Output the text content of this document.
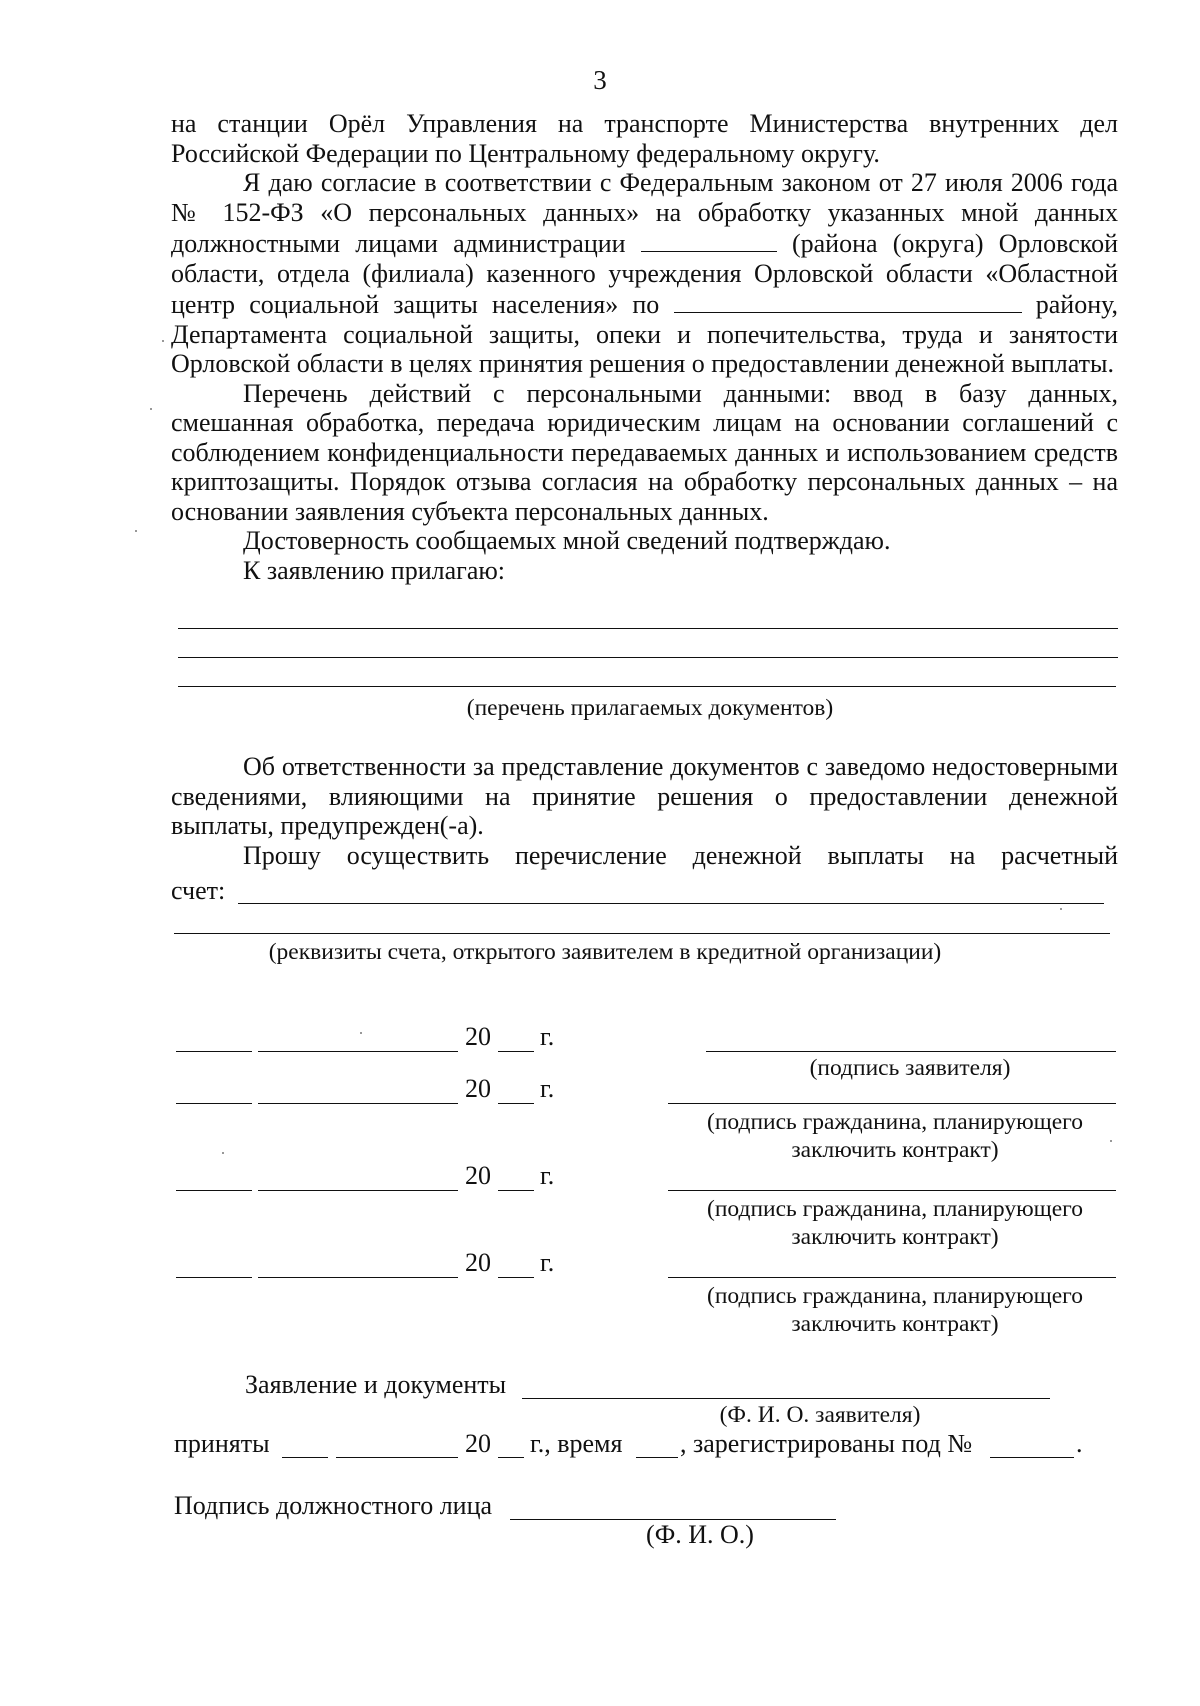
3

на станции Орёл Управления на транспорте Министерства внутренних дел Российской Федерации по Центральному федеральному округу.

Я даю согласие в соответствии с Федеральным законом от 27 июля 2006 года № 152-ФЗ «О персональных данных» на обработку указанных мной данных должностными лицами администрации	(района (округа) Орловской области, отдела (филиала) казенного учреждения Орловской области «Областной центр социальной защиты населения» по	району, Департамента социальной защиты, опеки и попечительства, труда и занятости Орловской области в целях принятия решения о предоставлении денежной выплаты.

Перечень действий с персональными данными: ввод в базу данных, смешанная обработка, передача юридическим лицам на основании соглашений с соблюдением конфиденциальности передаваемых данных и использованием средств криптозащиты. Порядок отзыва согласия на обработку персональных данных – на основании заявления субъекта персональных данных.

Достоверность сообщаемых мной сведений подтверждаю.

К заявлению прилагаю:

(перечень прилагаемых документов)

Об ответственности за представление документов с заведомо недостоверными сведениями, влияющими на принятие решения о предоставлении денежной выплаты, предупрежден(-а).

Прошу осуществить перечисление денежной выплаты на расчетный

счет:
(реквизиты счета, открытого заявителем в кредитной организации)
20 г.
(подпись заявителя)
20 г.
(подпись гражданина, планирующего
заключить контракт)
20 г.
(подпись гражданина, планирующего
заключить контракт)
20 г.
(подпись гражданина, планирующего
заключить контракт)
Заявление и документы
(Ф. И. О. заявителя)
приняты	20 г., время , зарегистрированы под №	.
Подпись должностного лица
(Ф. И. О.)
